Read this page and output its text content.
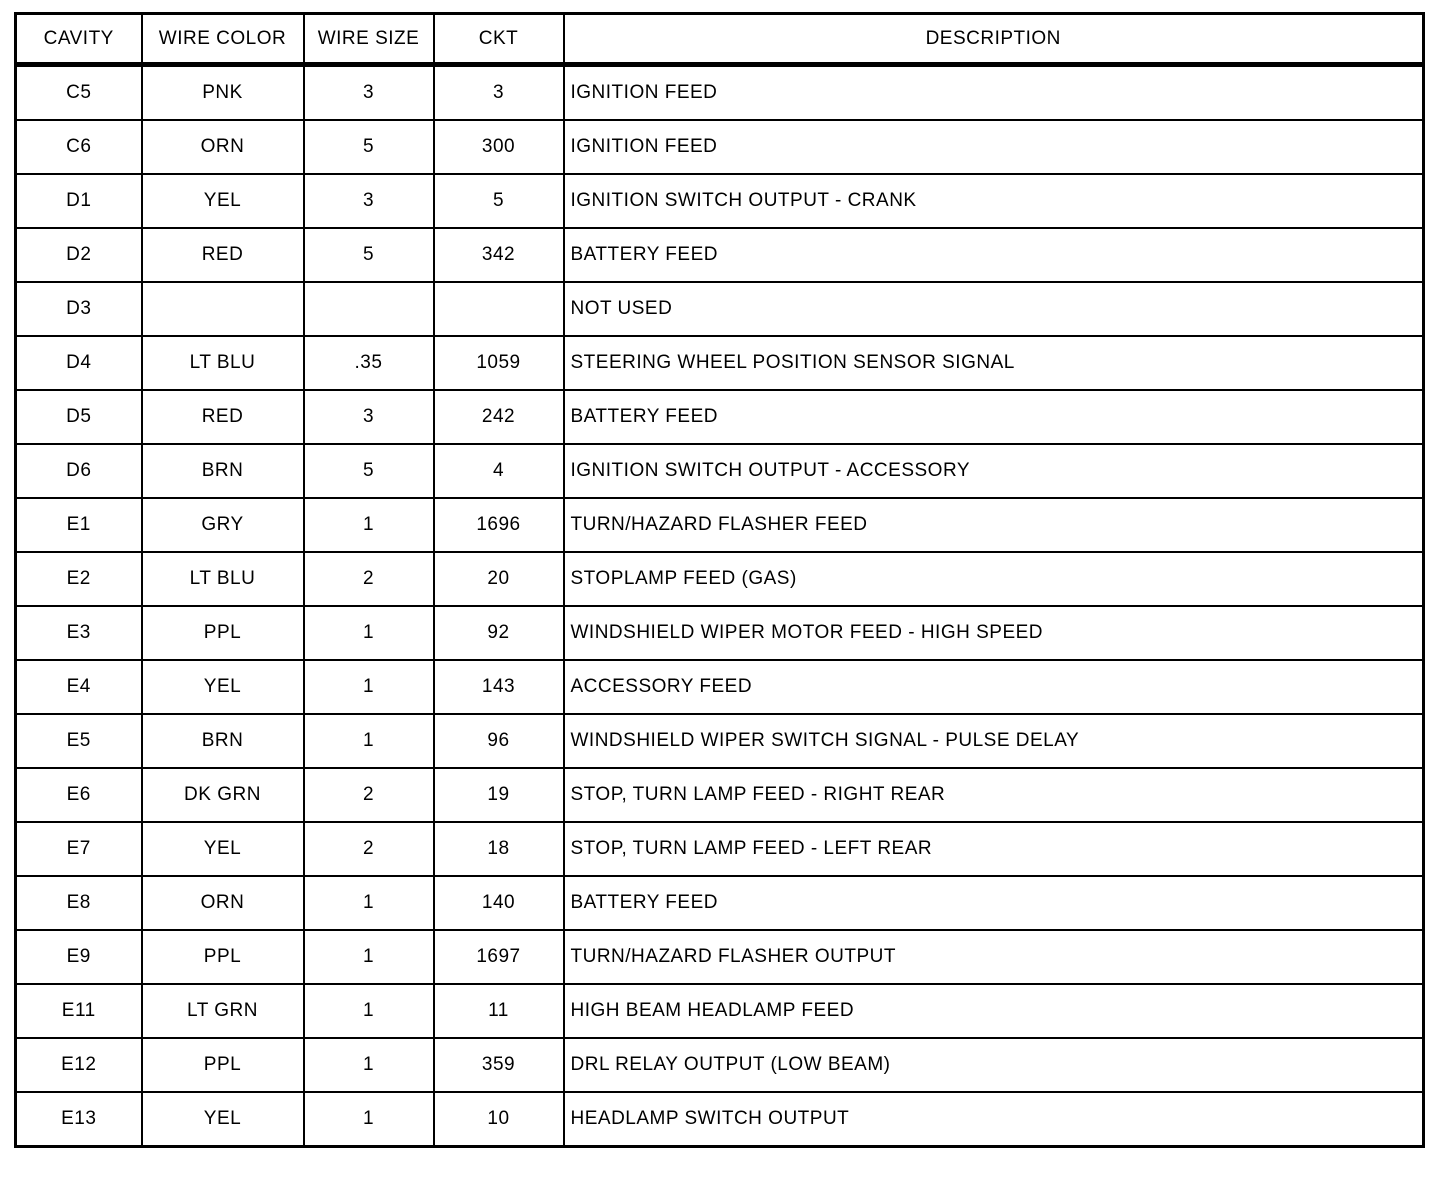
CAVITY	WIRE COLOR	WIRE SIZE	CKT	DESCRIPTION
C5	PNK	3	3	IGNITION FEED
C6	ORN	5	300	IGNITION FEED
D1	YEL	3	5	IGNITION SWITCH OUTPUT - CRANK
D2	RED	5	342	BATTERY FEED
D3				NOT USED
D4	LT BLU	.35	1059	STEERING WHEEL POSITION SENSOR SIGNAL
D5	RED	3	242	BATTERY FEED
D6	BRN	5	4	IGNITION SWITCH OUTPUT - ACCESSORY
E1	GRY	1	1696	TURN/HAZARD FLASHER FEED
E2	LT BLU	2	20	STOPLAMP FEED (GAS)
E3	PPL	1	92	WINDSHIELD WIPER MOTOR FEED - HIGH SPEED
E4	YEL	1	143	ACCESSORY FEED
E5	BRN	1	96	WINDSHIELD WIPER SWITCH SIGNAL - PULSE DELAY
E6	DK GRN	2	19	STOP, TURN LAMP FEED - RIGHT REAR
E7	YEL	2	18	STOP, TURN LAMP FEED - LEFT REAR
E8	ORN	1	140	BATTERY FEED
E9	PPL	1	1697	TURN/HAZARD FLASHER OUTPUT
E11	LT GRN	1	11	HIGH BEAM HEADLAMP FEED
E12	PPL	1	359	DRL RELAY OUTPUT (LOW BEAM)
E13	YEL	1	10	HEADLAMP SWITCH OUTPUT
